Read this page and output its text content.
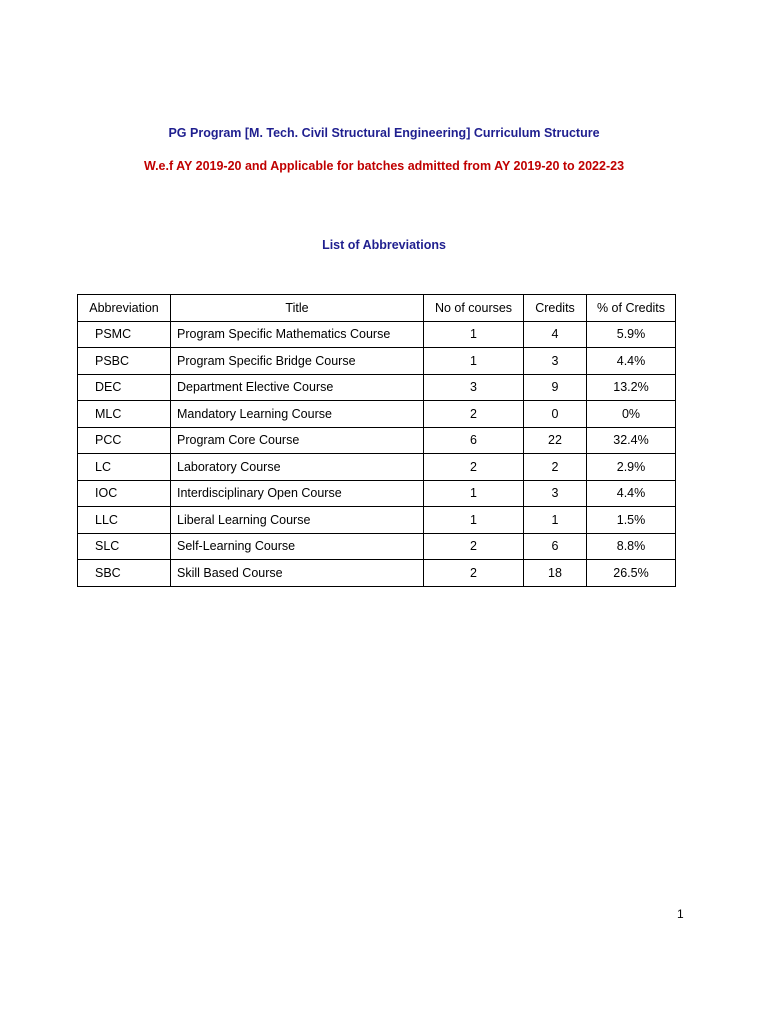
PG Program [M. Tech. Civil Structural Engineering] Curriculum Structure
W.e.f AY 2019-20 and Applicable for batches admitted from AY 2019-20 to 2022-23
List of Abbreviations
Abbreviation	Title	No of courses	Credits	% of Credits
PSMC	Program Specific Mathematics Course	1	4	5.9%
PSBC	Program Specific Bridge Course	1	3	4.4%
DEC	Department Elective Course	3	9	13.2%
MLC	Mandatory Learning Course	2	0	0%
PCC	Program Core Course	6	22	32.4%
LC	Laboratory Course	2	2	2.9%
IOC	Interdisciplinary Open Course	1	3	4.4%
LLC	Liberal Learning Course	1	1	1.5%
SLC	Self-Learning Course	2	6	8.8%
SBC	Skill Based Course	2	18	26.5%
1
